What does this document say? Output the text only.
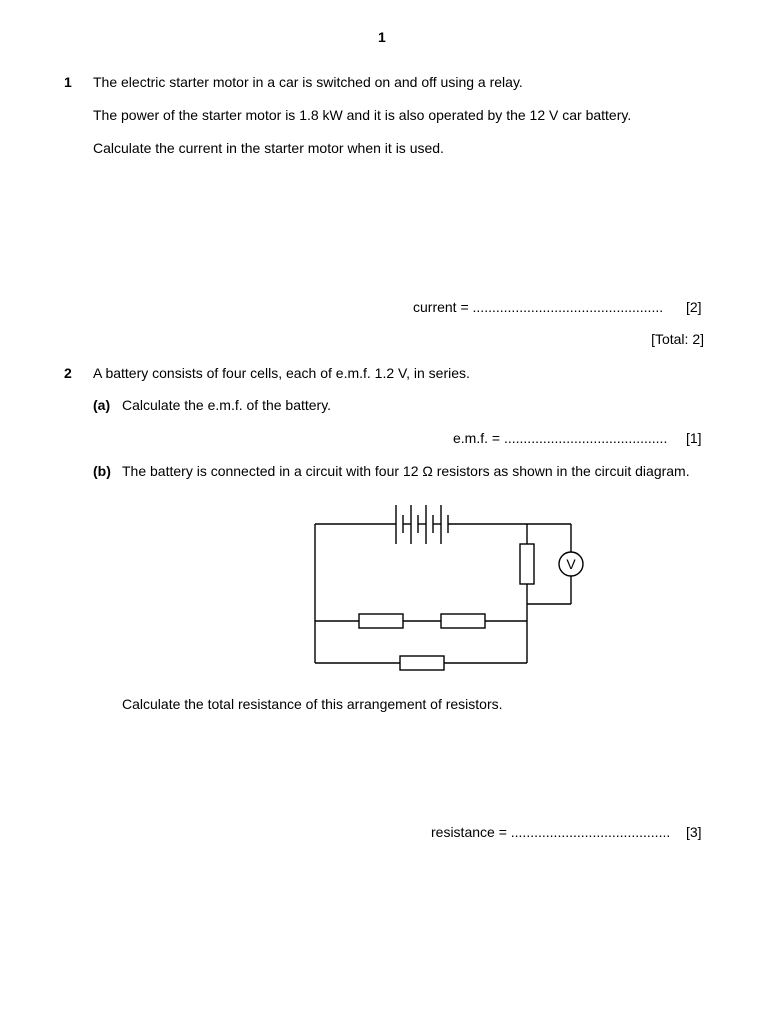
1
1 The electric starter motor in a car is switched on and off using a relay.
The power of the starter motor is 1.8 kW and it is also operated by the 12 V car battery.
Calculate the current in the starter motor when it is used.
current = ................................................. [2]
[Total: 2]
2 A battery consists of four cells, each of e.m.f. 1.2 V, in series.
(a) Calculate the e.m.f. of the battery.
e.m.f. = .......................................... [1]
(b) The battery is connected in a circuit with four 12 Ω resistors as shown in the circuit diagram.
V
Calculate the total resistance of this arrangement of resistors.
resistance = ......................................... [3]
